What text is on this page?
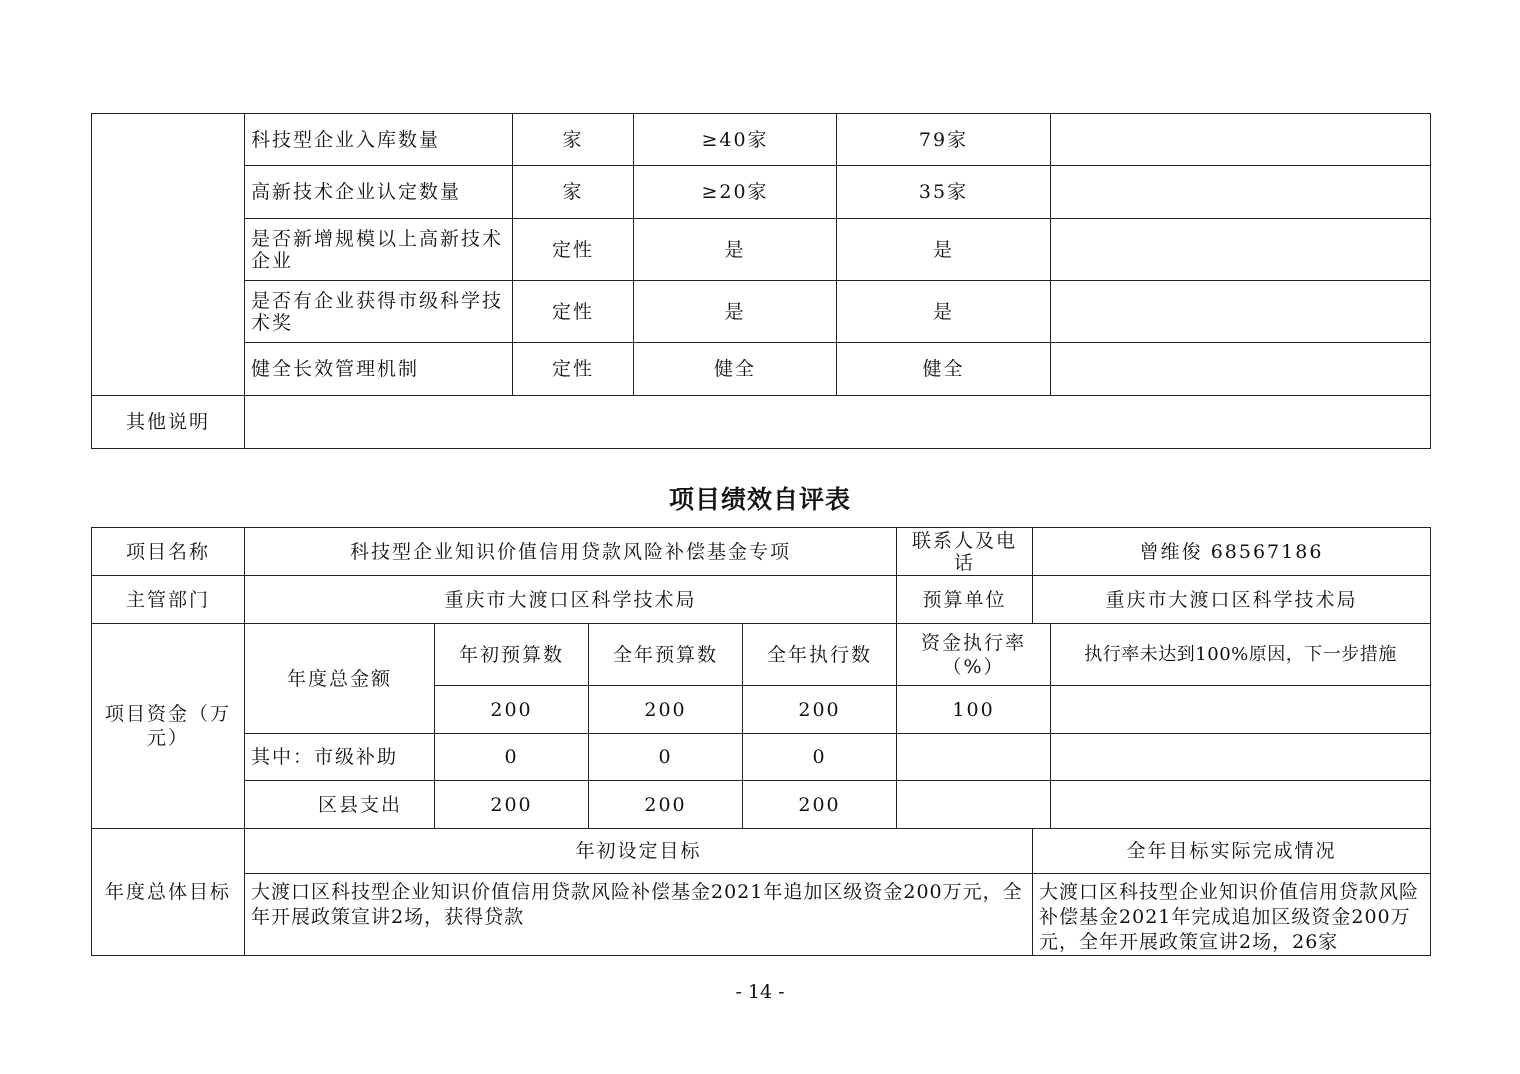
	科技型企业入库数量	家	≥40家	79家	
	高新技术企业认定数量	家	≥20家	35家	
	是否新增规模以上高新技术企业	定性	是	是	
	是否有企业获得市级科学技术奖	定性	是	是	
	健全长效管理机制	定性	健全	健全	
其他说明					
项目绩效自评表
项目名称	科技型企业知识价值信用贷款风险补偿基金专项				联系人及电话	曾维俊 68567186	
主管部门	重庆市大渡口区科学技术局				预算单位	重庆市大渡口区科学技术局	
项目资金（万元）	年度总金额	年初预算数	全年预算数	全年执行数	资金执行率（%）		执行率未达到100%原因，下一步措施
		200	200	200	100		
	其中：市级补助	0	0	0			
	区县支出	200	200	200			
年度总体目标	年初设定目标					全年目标实际完成情况	
	大渡口区科技型企业知识价值信用贷款风险补偿基金2021年追加区级资金200万元，全年开展政策宣讲2场，获得贷款					大渡口区科技型企业知识价值信用贷款风险补偿基金2021年完成追加区级资金200万元，全年开展政策宣讲2场，26家	
- 14 -
